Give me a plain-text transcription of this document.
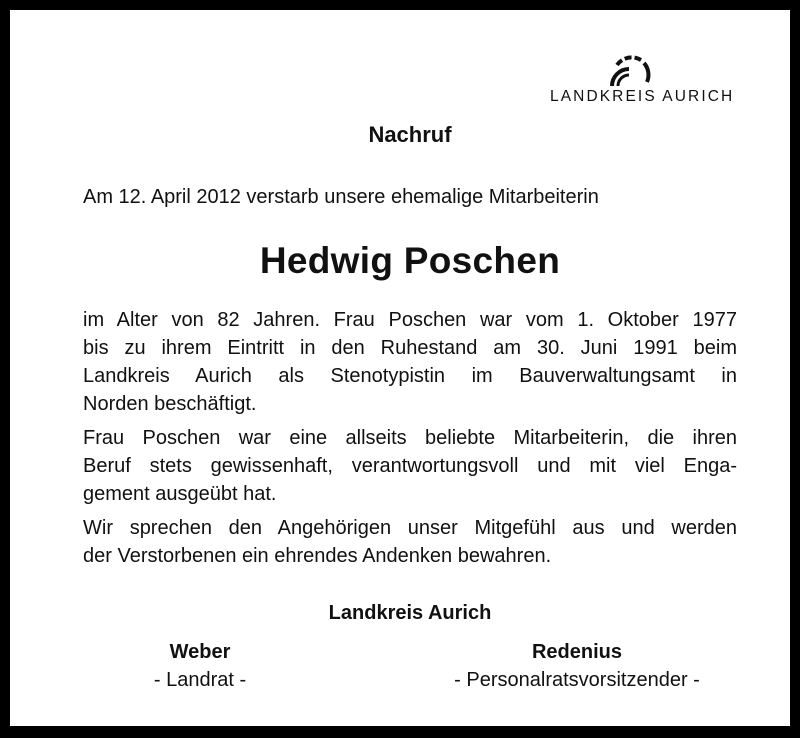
LANDKREIS AURICH
Nachruf
Am 12. April 2012 verstarb unsere ehemalige Mitarbeiterin
Hedwig Poschen

im Alter von 82 Jahren. Frau Poschen war vom 1. Oktober 1977
bis zu ihrem Eintritt in den Ruhestand am 30. Juni 1991 beim
Landkreis Aurich als Stenotypistin im Bauverwaltungsamt in
Norden beschäftigt.

Frau Poschen war eine allseits beliebte Mitarbeiterin, die ihren
Beruf stets gewissenhaft, verantwortungsvoll und mit viel Enga-
gement ausgeübt hat.

Wir sprechen den Angehörigen unser Mitgefühl aus und werden
der Verstorbenen ein ehrendes Andenken bewahren.

Landkreis Aurich
Weber
- Landrat -
Redenius
- Personalratsvorsitzender -
